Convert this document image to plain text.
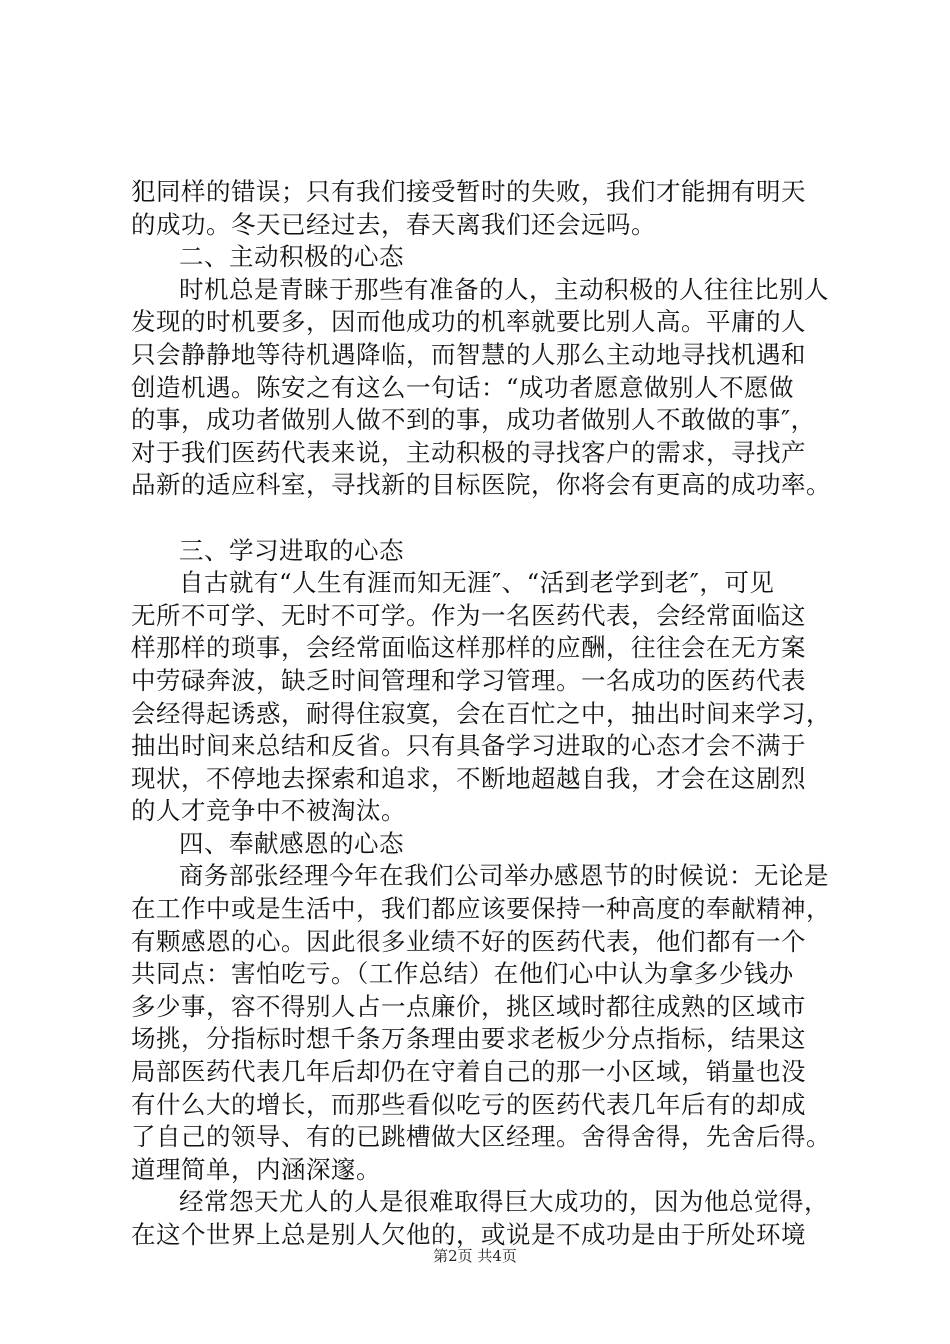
犯同样的错误；只有我们接受暂时的失败，我们才能拥有明天
的成功。冬天已经过去，春天离我们还会远吗。
二、主动积极的心态
时机总是青睐于那些有准备的人，主动积极的人往往比别人
发现的时机要多，因而他成功的机率就要比别人高。平庸的人
只会静静地等待机遇降临，而智慧的人那么主动地寻找机遇和
创造机遇。陈安之有这么一句话：“成功者愿意做别人不愿做
的事，成功者做别人做不到的事，成功者做别人不敢做的事″，
对于我们医药代表来说，主动积极的寻找客户的需求，寻找产
品新的适应科室，寻找新的目标医院，你将会有更高的成功率。
三、学习进取的心态
自古就有“人生有涯而知无涯″、“活到老学到老″，可见
无所不可学、无时不可学。作为一名医药代表，会经常面临这
样那样的琐事，会经常面临这样那样的应酬，往往会在无方案
中劳碌奔波，缺乏时间管理和学习管理。一名成功的医药代表
会经得起诱惑，耐得住寂寞，会在百忙之中，抽出时间来学习，
抽出时间来总结和反省。只有具备学习进取的心态才会不满于
现状，不停地去探索和追求，不断地超越自我，才会在这剧烈
的人才竞争中不被淘汰。
四、奉献感恩的心态
商务部张经理今年在我们公司举办感恩节的时候说：无论是
在工作中或是生活中，我们都应该要保持一种高度的奉献精神，
有颗感恩的心。因此很多业绩不好的医药代表，他们都有一个
共同点：害怕吃亏。（工作总结）在他们心中认为拿多少钱办
多少事，容不得别人占一点廉价，挑区域时都往成熟的区域市
场挑，分指标时想千条万条理由要求老板少分点指标，结果这
局部医药代表几年后却仍在守着自己的那一小区域，销量也没
有什么大的增长，而那些看似吃亏的医药代表几年后有的却成
了自己的领导、有的已跳槽做大区经理。舍得舍得，先舍后得。
道理简单，内涵深邃。
经常怨天尤人的人是很难取得巨大成功的，因为他总觉得，
在这个世界上总是别人欠他的，或说是不成功是由于所处环境
第2页 共4页
